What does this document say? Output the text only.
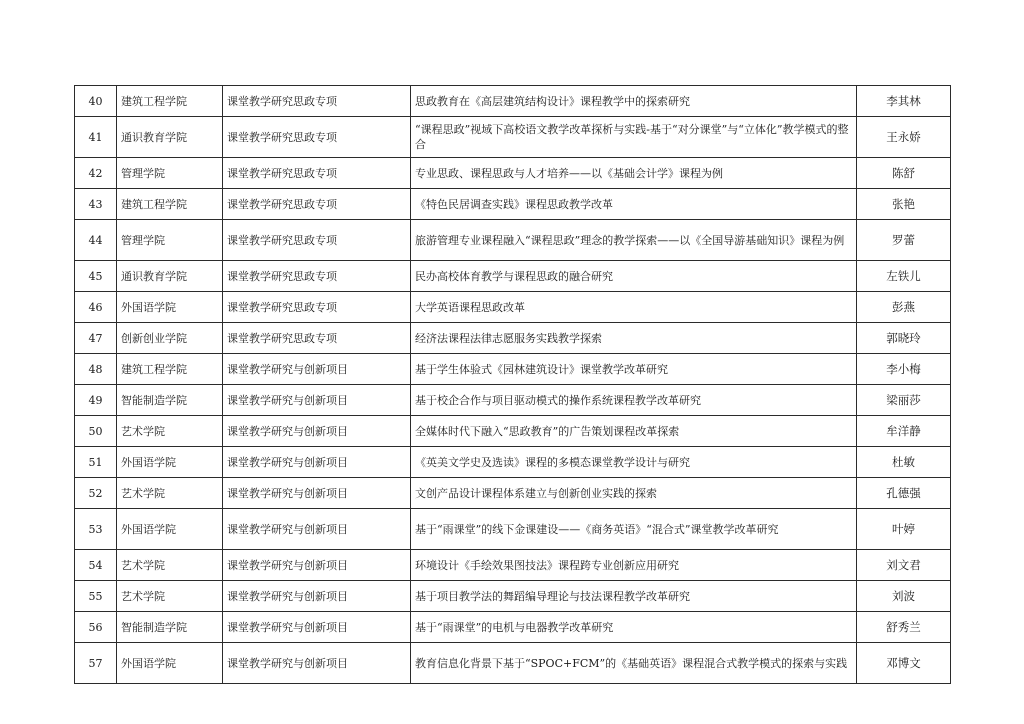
40	建筑工程学院	课堂教学研究思政专项	思政教育在《高层建筑结构设计》课程教学中的探索研究	李其林
41	通识教育学院	课堂教学研究思政专项	“课程思政”视域下高校语文教学改革探析与实践-基于“对分课堂”与“立体化”教学模式的整合	王永娇
42	管理学院	课堂教学研究思政专项	专业思政、课程思政与人才培养——以《基础会计学》课程为例	陈舒
43	建筑工程学院	课堂教学研究思政专项	《特色民居调查实践》课程思政教学改革	张艳
44	管理学院	课堂教学研究思政专项	旅游管理专业课程融入“课程思政”理念的教学探索——以《全国导游基础知识》课程为例	罗蕾
45	通识教育学院	课堂教学研究思政专项	民办高校体育教学与课程思政的融合研究	左铁儿
46	外国语学院	课堂教学研究思政专项	大学英语课程思政改革	彭燕
47	创新创业学院	课堂教学研究思政专项	经济法课程法律志愿服务实践教学探索	郭晓玲
48	建筑工程学院	课堂教学研究与创新项目	基于学生体验式《园林建筑设计》课堂教学改革研究	李小梅
49	智能制造学院	课堂教学研究与创新项目	基于校企合作与项目驱动模式的操作系统课程教学改革研究	梁丽莎
50	艺术学院	课堂教学研究与创新项目	全媒体时代下融入“思政教育”的广告策划课程改革探索	牟洋静
51	外国语学院	课堂教学研究与创新项目	《英美文学史及选读》课程的多模态课堂教学设计与研究	杜敏
52	艺术学院	课堂教学研究与创新项目	文创产品设计课程体系建立与创新创业实践的探索	孔德强
53	外国语学院	课堂教学研究与创新项目	基于“雨课堂”的线下金课建设——《商务英语》“混合式”课堂教学改革研究	叶婷
54	艺术学院	课堂教学研究与创新项目	环境设计《手绘效果图技法》课程跨专业创新应用研究	刘文君
55	艺术学院	课堂教学研究与创新项目	基于项目教学法的舞蹈编导理论与技法课程教学改革研究	刘波
56	智能制造学院	课堂教学研究与创新项目	基于“雨课堂”的电机与电器教学改革研究	舒秀兰
57	外国语学院	课堂教学研究与创新项目	教育信息化背景下基于“SPOC+FCM”的《基础英语》课程混合式教学模式的探索与实践	邓博文
